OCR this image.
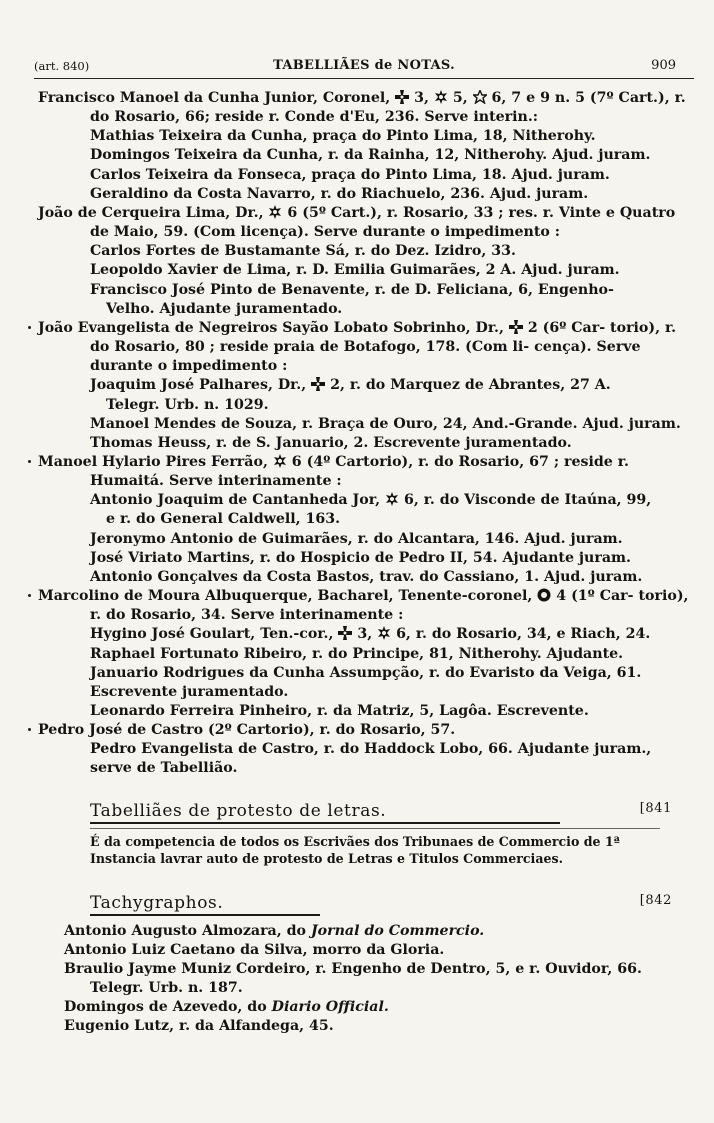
(art. 840)	TABELLIÃES de NOTAS.	909
Francisco Manoel da Cunha Junior, Coronel, 3, 5, 6, 7 e 9 n. 5 (7º Cart.), r. do Rosario, 66; reside r. Conde d'Eu, 236. Serve interin.:
Mathias Teixeira da Cunha, praça do Pinto Lima, 18, Nitherohy.
Domingos Teixeira da Cunha, r. da Rainha, 12, Nitherohy. Ajud. juram.
Carlos Teixeira da Fonseca, praça do Pinto Lima, 18. Ajud. juram.
Geraldino da Costa Navarro, r. do Riachuelo, 236. Ajud. juram.
João de Cerqueira Lima, Dr., 6 (5º Cart.), r. Rosario, 33 ; res. r. Vinte e Quatro de Maio, 59. (Com licença). Serve durante o impedimento :
Carlos Fortes de Bustamante Sá, r. do Dez. Izidro, 33.
Leopoldo Xavier de Lima, r. D. Emilia Guimarães, 2 A. Ajud. juram.
Francisco José Pinto de Benavente, r. de D. Feliciana, 6, Engenho-
Velho. Ajudante juramentado.
João Evangelista de Negreiros Sayão Lobato Sobrinho, Dr., 2 (6º Car- torio), r. do Rosario, 80 ; reside praia de Botafogo, 178. (Com li- cença). Serve durante o impedimento :
Joaquim José Palhares, Dr., 2, r. do Marquez de Abrantes, 27 A.
Telegr. Urb. n. 1029.
Manoel Mendes de Souza, r. Braça de Ouro, 24, And.-Grande. Ajud. juram.
Thomas Heuss, r. de S. Januario, 2. Escrevente juramentado.
Manoel Hylario Pires Ferrão, 6 (4º Cartorio), r. do Rosario, 67 ; reside r. Humaitá. Serve interinamente :
Antonio Joaquim de Cantanheda Jor, 6, r. do Visconde de Itaúna, 99,
e r. do General Caldwell, 163.
Jeronymo Antonio de Guimarães, r. do Alcantara, 146. Ajud. juram.
José Viriato Martins, r. do Hospicio de Pedro II, 54. Ajudante juram.
Antonio Gonçalves da Costa Bastos, trav. do Cassiano, 1. Ajud. juram.
Marcolino de Moura Albuquerque, Bacharel, Tenente-coronel, 4 (1º Car- torio), r. do Rosario, 34. Serve interinamente :
Hygino José Goulart, Ten.-cor., 3, 6, r. do Rosario, 34, e Riach, 24.
Raphael Fortunato Ribeiro, r. do Principe, 81, Nitherohy. Ajudante.
Januario Rodrigues da Cunha Assumpção, r. do Evaristo da Veiga, 61.
Escrevente juramentado.
Leonardo Ferreira Pinheiro, r. da Matriz, 5, Lagôa. Escrevente.
Pedro José de Castro (2º Cartorio), r. do Rosario, 57.
Pedro Evangelista de Castro, r. do Haddock Lobo, 66. Ajudante juram.,
serve de Tabellião.
Tabelliães de protesto de letras.	[841
É da competencia de todos os Escrivães dos Tribunaes de Commercio de 1ª
Instancia lavrar auto de protesto de Letras e Titulos Commerciaes.
Tachygraphos.	[842
Antonio Augusto Almozara, do Jornal do Commercio.
Antonio Luiz Caetano da Silva, morro da Gloria.
Braulio Jayme Muniz Cordeiro, r. Engenho de Dentro, 5, e r. Ouvidor, 66. Telegr. Urb. n. 187.
Domingos de Azevedo, do Diario Official.
Eugenio Lutz, r. da Alfandega, 45.
